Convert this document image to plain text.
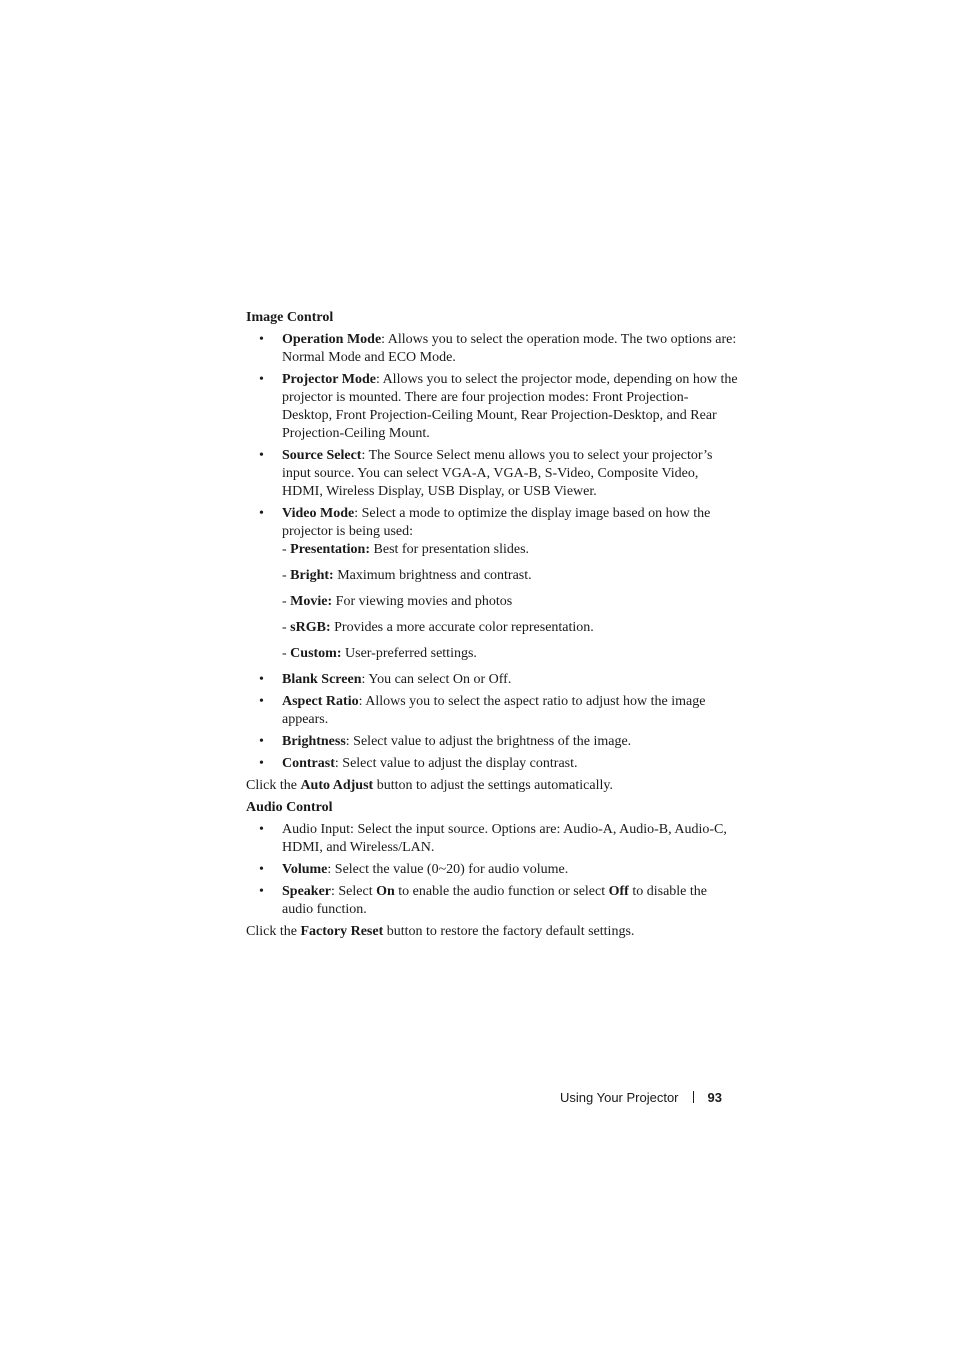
Image Control
• Operation Mode: Allows you to select the operation mode. The two options are: Normal Mode and ECO Mode.
• Projector Mode: Allows you to select the projector mode, depending on how the projector is mounted. There are four projection modes: Front Projection-Desktop, Front Projection-Ceiling Mount, Rear Projection-Desktop, and Rear Projection-Ceiling Mount.
• Source Select: The Source Select menu allows you to select your projector’s input source. You can select VGA-A, VGA-B, S-Video, Composite Video, HDMI, Wireless Display, USB Display, or USB Viewer.
• Video Mode: Select a mode to optimize the display image based on how the projector is being used:
- Presentation: Best for presentation slides.
- Bright: Maximum brightness and contrast.
- Movie: For viewing movies and photos
- sRGB: Provides a more accurate color representation.
- Custom: User-preferred settings.
• Blank Screen: You can select On or Off.
• Aspect Ratio: Allows you to select the aspect ratio to adjust how the image appears.
• Brightness: Select value to adjust the brightness of the image.
• Contrast: Select value to adjust the display contrast.

Click the Auto Adjust button to adjust the settings automatically.

Audio Control
• Audio Input: Select the input source. Options are: Audio-A, Audio-B, Audio-C, HDMI, and Wireless/LAN.
• Volume: Select the value (0~20) for audio volume.
• Speaker: Select On to enable the audio function or select Off to disable the audio function.

Click the Factory Reset button to restore the factory default settings.

Using Your Projector 93
